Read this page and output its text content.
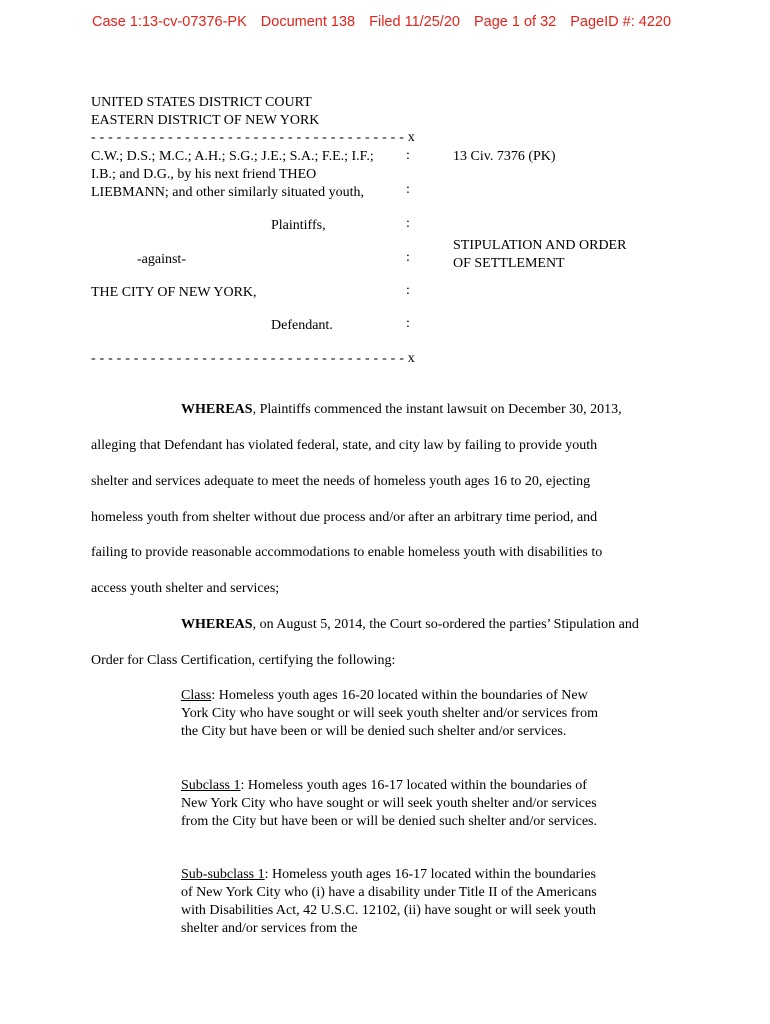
Case 1:13-cv-07376-PK Document 138 Filed 11/25/20 Page 1 of 32 PageID #: 4220
UNITED STATES DISTRICT COURT
EASTERN DISTRICT OF NEW YORK
- - - - - - - - - - - - - - - - - - - - - - - - - - - - - - - - - - - - - x
C.W.; D.S.; M.C.; A.H.; S.G.; J.E.; S.A.; F.E.; I.F.;
I.B.; and D.G., by his next friend THEO
LIEBMANN; and other similarly situated youth,
Plaintiffs,
-against-
THE CITY OF NEW YORK,
Defendant.
- - - - - - - - - - - - - - - - - - - - - - - - - - - - - - - - - - - - - x
:
:
:
:
:
:
13 Civ. 7376 (PK)
STIPULATION AND ORDER
OF SETTLEMENT
WHEREAS, Plaintiffs commenced the instant lawsuit on December 30, 2013,
alleging that Defendant has violated federal, state, and city law by failing to provide youth
shelter and services adequate to meet the needs of homeless youth ages 16 to 20, ejecting
homeless youth from shelter without due process and/or after an arbitrary time period, and
failing to provide reasonable accommodations to enable homeless youth with disabilities to
access youth shelter and services;
WHEREAS, on August 5, 2014, the Court so-ordered the parties’ Stipulation and
Order for Class Certification, certifying the following:
Class: Homeless youth ages 16-20 located within the boundaries of New York City who have sought or will seek youth shelter and/or services from the City but have been or will be denied such shelter and/or services.
Subclass 1: Homeless youth ages 16-17 located within the boundaries of New York City who have sought or will seek youth shelter and/or services from the City but have been or will be denied such shelter and/or services.
Sub-subclass 1: Homeless youth ages 16-17 located within the boundaries of New York City who (i) have a disability under Title II of the Americans with Disabilities Act, 42 U.S.C. 12102, (ii) have sought or will seek youth shelter and/or services from the
